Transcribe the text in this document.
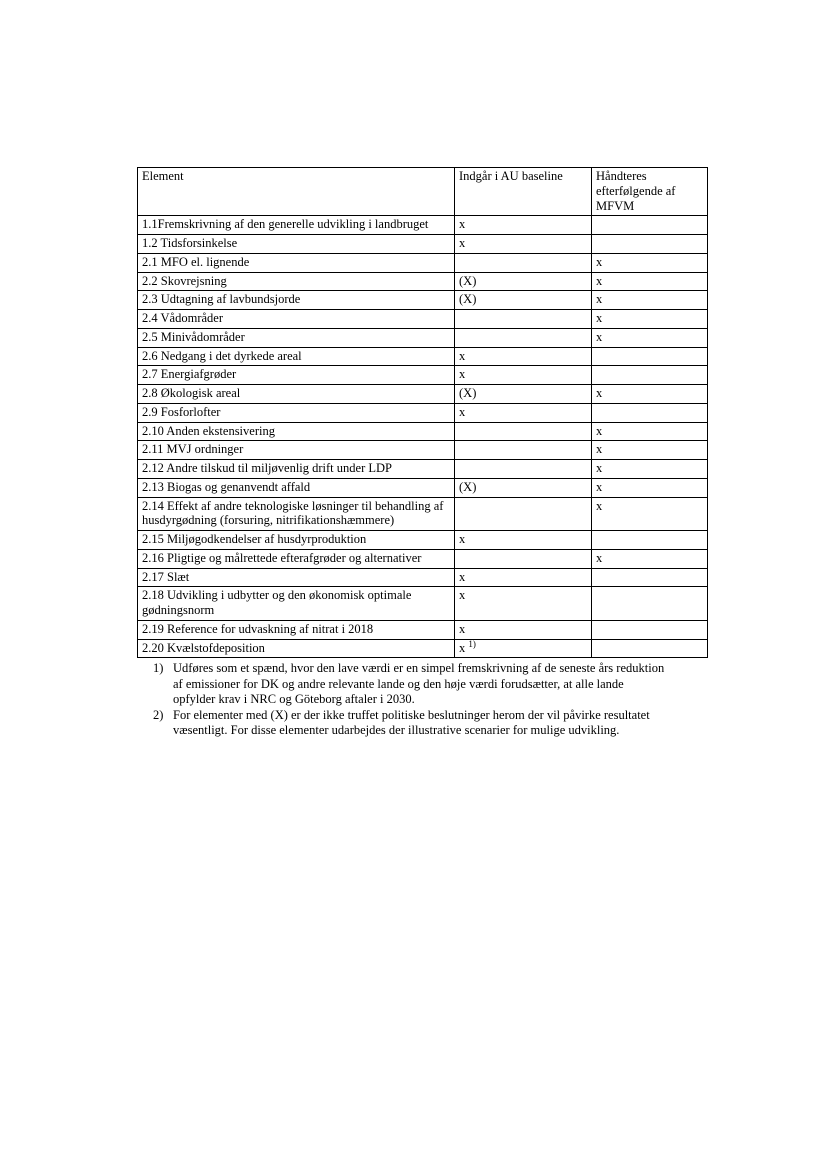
Element	Indgår i AU baseline	Håndteres efterfølgende af MFVM
1.1Fremskrivning af den generelle udvikling i landbruget	x	
1.2 Tidsforsinkelse	x	
2.1 MFO el. lignende		x
2.2 Skovrejsning	(X)	x
2.3 Udtagning af lavbundsjorde	(X)	x
2.4 Vådområder		x
2.5 Minivådområder		x
2.6 Nedgang i det dyrkede areal	x	
2.7 Energiafgrøder	x	
2.8 Økologisk areal	(X)	x
2.9 Fosforlofter	x	
2.10 Anden ekstensivering		x
2.11 MVJ ordninger		x
2.12 Andre tilskud til miljøvenlig drift under LDP		x
2.13 Biogas og genanvendt affald	(X)	x
2.14 Effekt af andre teknologiske løsninger til behandling af husdyrgødning (forsuring, nitrifikationshæmmere)		x
2.15 Miljøgodkendelser af husdyrproduktion	x	
2.16 Pligtige og målrettede efterafgrøder og alternativer		x
2.17 Slæt	x	
2.18 Udvikling i udbytter og den økonomisk optimale gødningsnorm	x	
2.19 Reference for udvaskning af nitrat i 2018	x	
2.20 Kvælstofdeposition	x $^{1)}$	
1) Udføres som et spænd, hvor den lave værdi er en simpel fremskrivning af de seneste års reduktion af emissioner for DK og andre relevante lande og den høje værdi forudsætter, at alle lande opfylder krav i NRC og Göteborg aftaler i 2030.
2) For elementer med (X) er der ikke truffet politiske beslutninger herom der vil påvirke resultatet væsentligt. For disse elementer udarbejdes der illustrative scenarier for mulige udvikling.
